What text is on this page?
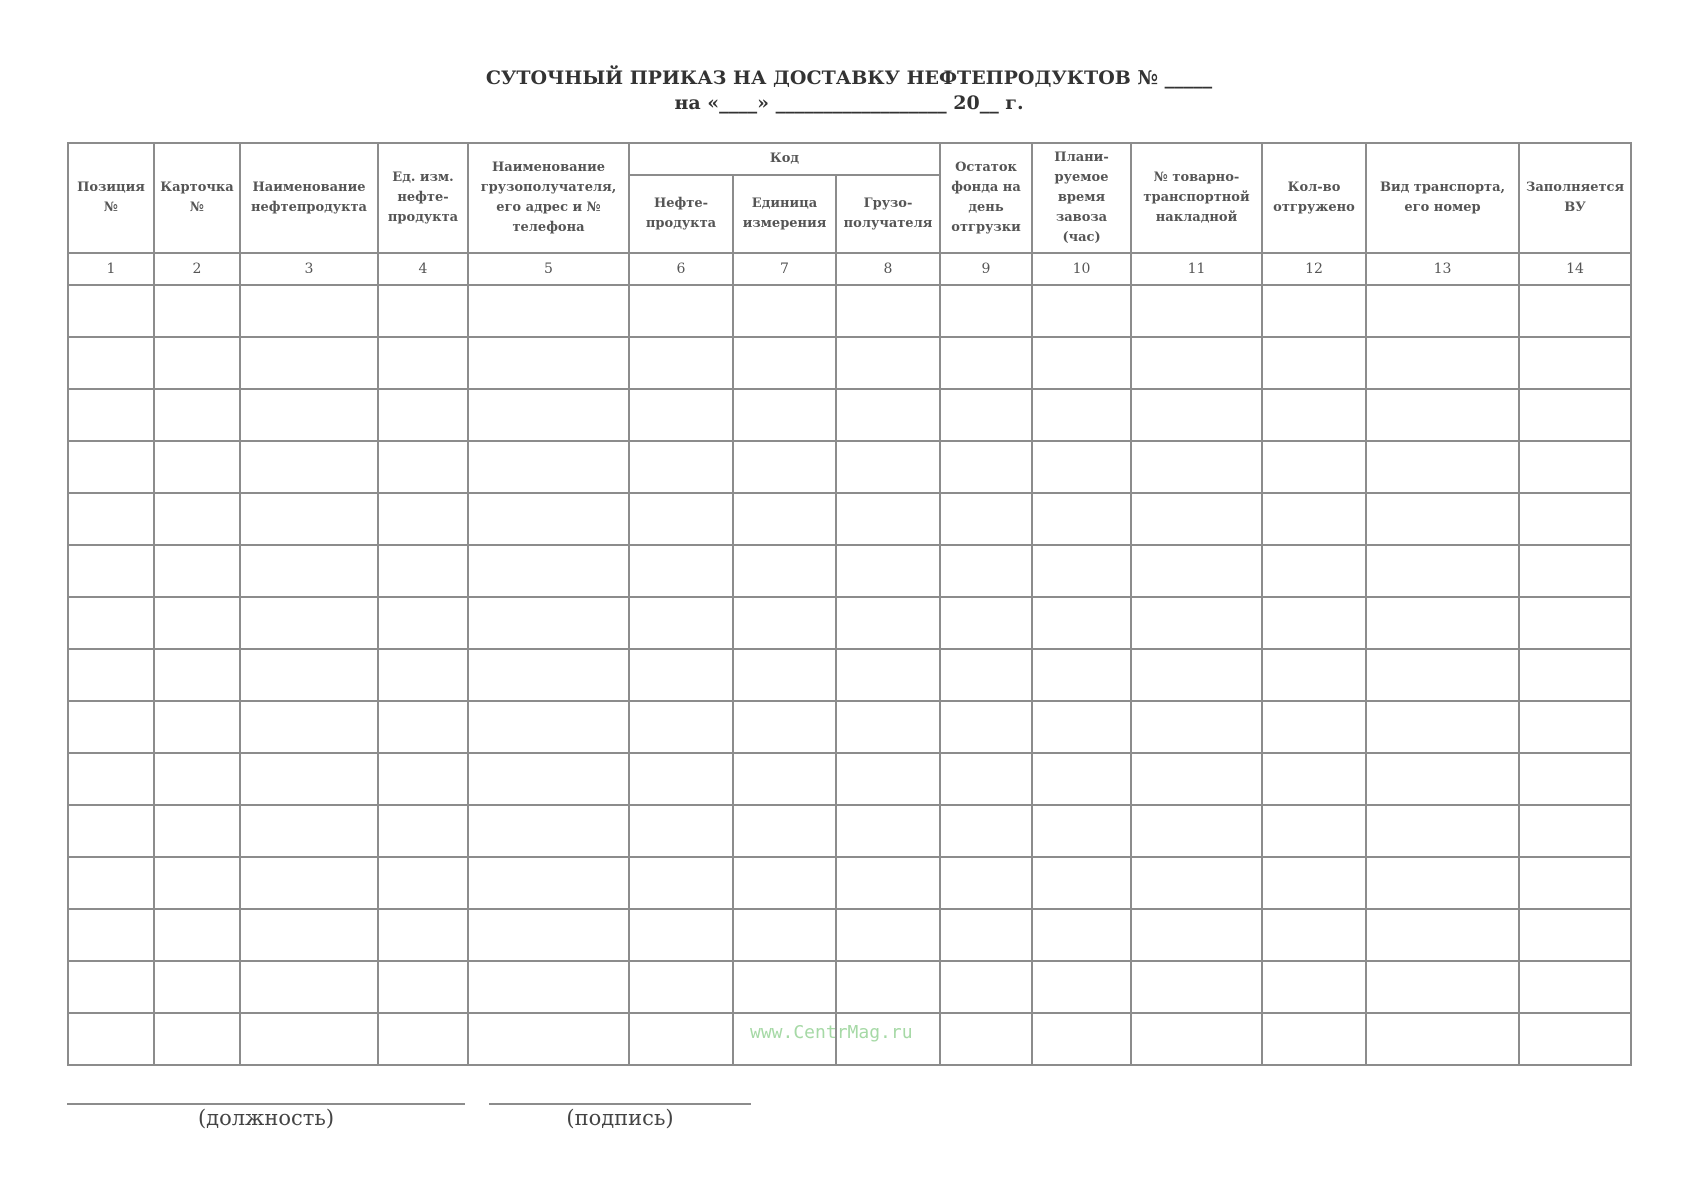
СУТОЧНЫЙ ПРИКАЗ НА ДОСТАВКУ НЕФТЕПРОДУКТОВ № _____
на «____» __________________ 20__ г.
Позиция №	Карточка №	Наименование нефтепродукта	Ед. изм. нефте-продукта	Наименование грузополучателя, его адрес и № телефона	Код			Остаток фонда на день отгрузки	Плани-руемое время завоза (час)	№ товарно-транспортной накладной	Кол-во отгружено	Вид транспорта, его номер	Заполняется ВУ
					Нефте-продукта	Единица измерения	Грузо-получателя						
1	2	3	4	5	6	7	8	9	10	11	12	13	14

www.CentrMag.ru
(должность)	(подпись)
